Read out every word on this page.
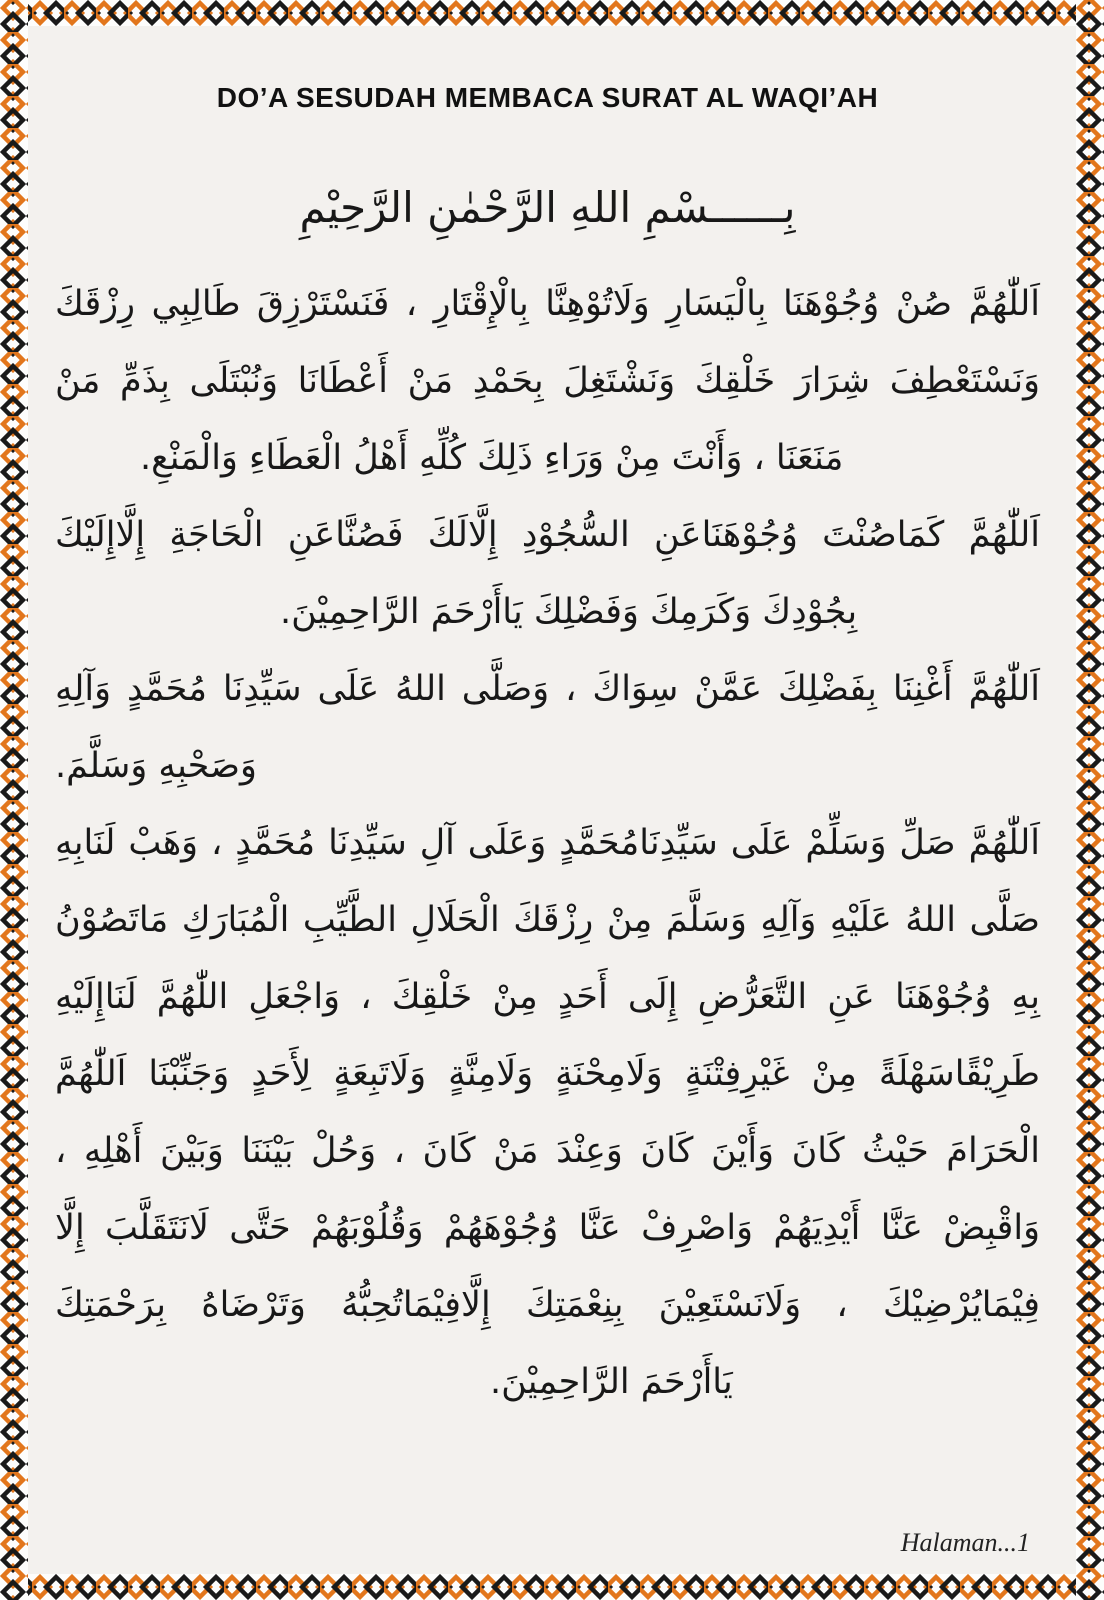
DO’A SESUDAH MEMBACA SURAT AL WAQI’AH
بِــــــسْمِ اللهِ الرَّحْمٰنِ الرَّحِيْمِ
اَللّٰهُمَّ صُنْ وُجُوْهَنَا بِالْيَسَارِ وَلَاتُوْهِنَّا بِالْإِقْتَارِ ، فَنَسْتَرْزِقَ طَالِبِي رِزْقَكَ
وَنَسْتَعْطِفَ شِرَارَ خَلْقِكَ وَنَشْتَغِلَ بِحَمْدِ مَنْ أَعْطَانَا وَنُبْتَلَى بِذَمِّ مَنْ
مَنَعَنَا ، وَأَنْتَ مِنْ وَرَاءِ ذَلِكَ كُلِّهِ أَهْلُ الْعَطَاءِ وَالْمَنْعِ.
اَللّٰهُمَّ كَمَاصُنْتَ وُجُوْهَنَاعَنِ السُّجُوْدِ إِلَّالَكَ فَصُنَّاعَنِ الْحَاجَةِ إِلَّاإِلَيْكَ
بِجُوْدِكَ وَكَرَمِكَ وَفَضْلِكَ يَاأَرْحَمَ الرَّاحِمِيْنَ.
اَللّٰهُمَّ أَغْنِنَا بِفَضْلِكَ عَمَّنْ سِوَاكَ ، وَصَلَّى اللهُ عَلَى سَيِّدِنَا مُحَمَّدٍ وَآلِهِ
وَصَحْبِهِ وَسَلَّمَ.
اَللّٰهُمَّ صَلِّ وَسَلِّمْ عَلَى سَيِّدِنَامُحَمَّدٍ وَعَلَى آلِ سَيِّدِنَا مُحَمَّدٍ ، وَهَبْ لَنَابِهِ
صَلَّى اللهُ عَلَيْهِ وَآلِهِ وَسَلَّمَ مِنْ رِزْقَكَ الْحَلَالِ الطَّيِّبِ الْمُبَارَكِ مَاتَصُوْنُ
بِهِ وُجُوْهَنَا عَنِ التَّعَرُّضِ إِلَى أَحَدٍ مِنْ خَلْقِكَ ، وَاجْعَلِ اللّٰهُمَّ لَنَاإِلَيْهِ
طَرِيْقًاسَهْلَةً مِنْ غَيْرِفِتْنَةٍ وَلَامِحْنَةٍ وَلَامِنَّةٍ وَلَاتَبِعَةٍ لِأَحَدٍ وَجَنِّبْنَا اَللّٰهُمَّ
الْحَرَامَ حَيْثُ كَانَ وَأَيْنَ كَانَ وَعِنْدَ مَنْ كَانَ ، وَحُلْ بَيْنَنَا وَبَيْنَ أَهْلِهِ ،
وَاقْبِضْ عَنَّا أَيْدِيَهُمْ وَاصْرِفْ عَنَّا وُجُوْهَهُمْ وَقُلُوْبَهُمْ حَتَّى لَانَتَقَلَّبَ إِلَّا
فِيْمَايُرْضِيْكَ ، وَلَانَسْتَعِيْنَ بِنِعْمَتِكَ إِلَّافِيْمَاتُحِبُّهُ وَتَرْضَاهُ بِرَحْمَتِكَ
يَاأَرْحَمَ الرَّاحِمِيْنَ.
Halaman...1
